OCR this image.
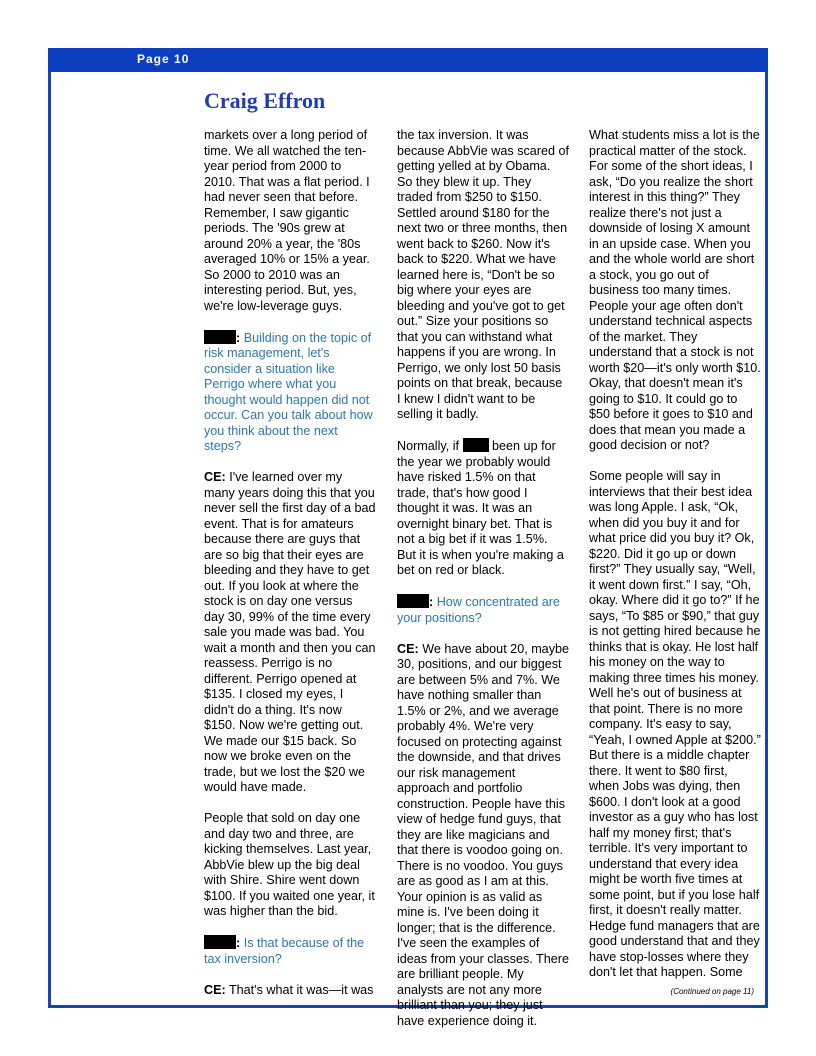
Page 10
Craig Effron

markets over a long period of time. We all watched the ten-year period from 2000 to 2010. That was a flat period. I had never seen that before. Remember, I saw gigantic periods. The '90s grew at around 20% a year, the '80s averaged 10% or 15% a year. So 2000 to 2010 was an interesting period. But, yes, we're low-leverage guys.

: Building on the topic of risk management, let's consider a situation like Perrigo where what you thought would happen did not occur. Can you talk about how you think about the next steps?

CE: I've learned over my many years doing this that you never sell the first day of a bad event. That is for amateurs because there are guys that are so big that their eyes are bleeding and they have to get out. If you look at where the stock is on day one versus day 30, 99% of the time every sale you made was bad. You wait a month and then you can reassess. Perrigo is no different. Perrigo opened at $135. I closed my eyes, I didn't do a thing. It's now $150. Now we're getting out. We made our $15 back. So now we broke even on the trade, but we lost the $20 we would have made.

People that sold on day one and day two and three, are kicking themselves. Last year, AbbVie blew up the big deal with Shire. Shire went down $100. If you waited one year, it was higher than the bid.

: Is that because of the tax inversion?

CE: That's what it was—it was

the tax inversion. It was because AbbVie was scared of getting yelled at by Obama. So they blew it up. They traded from $250 to $150. Settled around $180 for the next two or three months, then went back to $260. Now it's back to $220. What we have learned here is, “Don't be so big where your eyes are bleeding and you've got to get out.” Size your positions so that you can withstand what happens if you are wrong. In Perrigo, we only lost 50 basis points on that break, because I knew I didn't want to be selling it badly.

Normally, if	been up for the year we probably would have risked 1.5% on that trade, that's how good I thought it was. It was an overnight binary bet. That is not a big bet if it was 1.5%. But it is when you're making a bet on red or black.

: How concentrated are your positions?

CE: We have about 20, maybe 30, positions, and our biggest are between 5% and 7%. We have nothing smaller than 1.5% or 2%, and we average probably 4%. We're very focused on protecting against the downside, and that drives our risk management approach and portfolio construction. People have this view of hedge fund guys, that they are like magicians and that there is voodoo going on. There is no voodoo. You guys are as good as I am at this. Your opinion is as valid as mine is. I've been doing it longer; that is the difference. I've seen the examples of ideas from your classes. There are brilliant people. My analysts are not any more brilliant than you; they just have experience doing it.

What students miss a lot is the practical matter of the stock. For some of the short ideas, I ask, “Do you realize the short interest in this thing?” They realize there's not just a downside of losing X amount in an upside case. When you and the whole world are short a stock, you go out of business too many times. People your age often don't understand technical aspects of the market. They understand that a stock is not worth $20—it's only worth $10. Okay, that doesn't mean it's going to $10. It could go to $50 before it goes to $10 and does that mean you made a good decision or not?

Some people will say in interviews that their best idea was long Apple. I ask, “Ok, when did you buy it and for what price did you buy it? Ok, $220. Did it go up or down first?” They usually say, “Well, it went down first.” I say, “Oh, okay. Where did it go to?” If he says, “To $85 or $90,” that guy is not getting hired because he thinks that is okay. He lost half his money on the way to making three times his money. Well he's out of business at that point. There is no more company. It's easy to say, “Yeah, I owned Apple at $200.” But there is a middle chapter there. It went to $80 first, when Jobs was dying, then $600. I don't look at a good investor as a guy who has lost half my money first; that's terrible. It's very important to understand that every idea might be worth five times at some point, but if you lose half first, it doesn't really matter. Hedge fund managers that are good understand that and they have stop-losses where they don't let that happen. Some

(Continued on page 11)
